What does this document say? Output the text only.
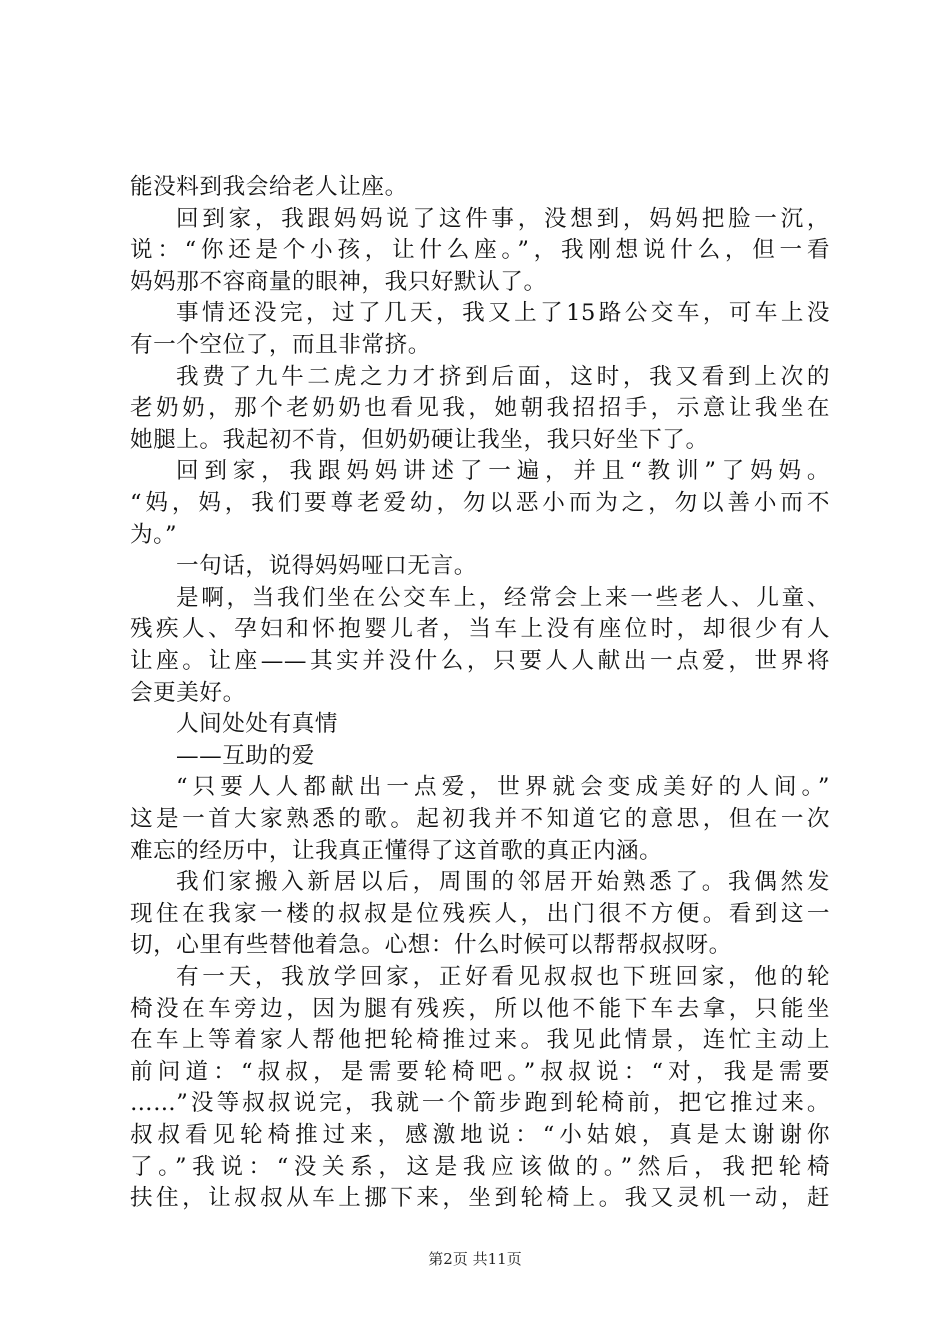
能没料到我会给老人让座。
回到家，我跟妈妈说了这件事，没想到，妈妈把脸一沉，
说：“你还是个小孩，让什么座。”，我刚想说什么，但一看
妈妈那不容商量的眼神，我只好默认了。
事情还没完，过了几天，我又上了15路公交车，可车上没
有一个空位了，而且非常挤。
我费了九牛二虎之力才挤到后面，这时，我又看到上次的
老奶奶，那个老奶奶也看见我，她朝我招招手，示意让我坐在
她腿上。我起初不肯，但奶奶硬让我坐，我只好坐下了。
回到家，我跟妈妈讲述了一遍，并且“教训”了妈妈。
“妈，妈，我们要尊老爱幼，勿以恶小而为之，勿以善小而不
为。”
一句话，说得妈妈哑口无言。
是啊，当我们坐在公交车上，经常会上来一些老人、儿童、
残疾人、孕妇和怀抱婴儿者，当车上没有座位时，却很少有人
让座。让座——其实并没什么，只要人人献出一点爱，世界将
会更美好。
人间处处有真情
——互助的爱
“只要人人都献出一点爱，世界就会变成美好的人间。”
这是一首大家熟悉的歌。起初我并不知道它的意思，但在一次
难忘的经历中，让我真正懂得了这首歌的真正内涵。
我们家搬入新居以后，周围的邻居开始熟悉了。我偶然发
现住在我家一楼的叔叔是位残疾人，出门很不方便。看到这一
切，心里有些替他着急。心想：什么时候可以帮帮叔叔呀。
有一天，我放学回家，正好看见叔叔也下班回家，他的轮
椅没在车旁边，因为腿有残疾，所以他不能下车去拿，只能坐
在车上等着家人帮他把轮椅推过来。我见此情景，连忙主动上
前问道：“叔叔，是需要轮椅吧。”叔叔说：“对，我是需要
……”没等叔叔说完，我就一个箭步跑到轮椅前，把它推过来。
叔叔看见轮椅推过来，感激地说：“小姑娘，真是太谢谢你
了。”我说：“没关系，这是我应该做的。”然后，我把轮椅
扶住，让叔叔从车上挪下来，坐到轮椅上。我又灵机一动，赶
第2页 共11页
